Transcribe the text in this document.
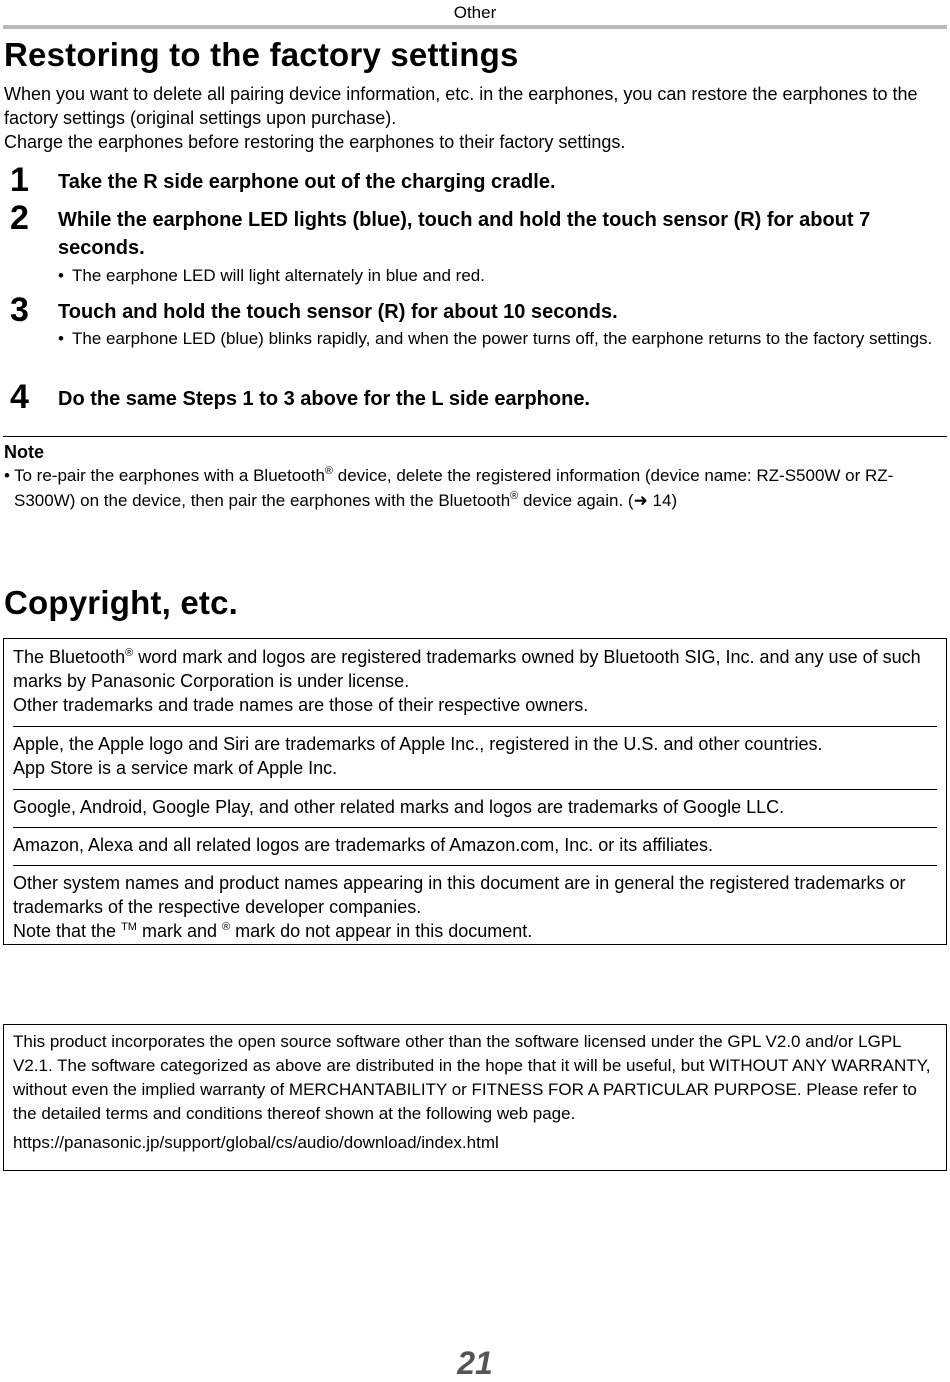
Other
Restoring to the factory settings
When you want to delete all pairing device information, etc. in the earphones, you can restore the earphones to the factory settings (original settings upon purchase).
Charge the earphones before restoring the earphones to their factory settings.
1 Take the R side earphone out of the charging cradle.
2 While the earphone LED lights (blue), touch and hold the touch sensor (R) for about 7 seconds.
• The earphone LED will light alternately in blue and red.
3 Touch and hold the touch sensor (R) for about 10 seconds.
• The earphone LED (blue) blinks rapidly, and when the power turns off, the earphone returns to the factory settings.
4 Do the same Steps 1 to 3 above for the L side earphone.
Note
• To re-pair the earphones with a Bluetooth® device, delete the registered information (device name: RZ-S500W or RZ-S300W) on the device, then pair the earphones with the Bluetooth® device again. (➜ 14)
Copyright, etc.
The Bluetooth® word mark and logos are registered trademarks owned by Bluetooth SIG, Inc. and any use of such marks by Panasonic Corporation is under license.
Other trademarks and trade names are those of their respective owners.
Apple, the Apple logo and Siri are trademarks of Apple Inc., registered in the U.S. and other countries.
App Store is a service mark of Apple Inc.
Google, Android, Google Play, and other related marks and logos are trademarks of Google LLC.
Amazon, Alexa and all related logos are trademarks of Amazon.com, Inc. or its affiliates.
Other system names and product names appearing in this document are in general the registered trademarks or trademarks of the respective developer companies.
Note that the ™ mark and ® mark do not appear in this document.
This product incorporates the open source software other than the software licensed under the GPL V2.0 and/or LGPL V2.1. The software categorized as above are distributed in the hope that it will be useful, but WITHOUT ANY WARRANTY, without even the implied warranty of MERCHANTABILITY or FITNESS FOR A PARTICULAR PURPOSE. Please refer to the detailed terms and conditions thereof shown at the following web page.
https://panasonic.jp/support/global/cs/audio/download/index.html
21
